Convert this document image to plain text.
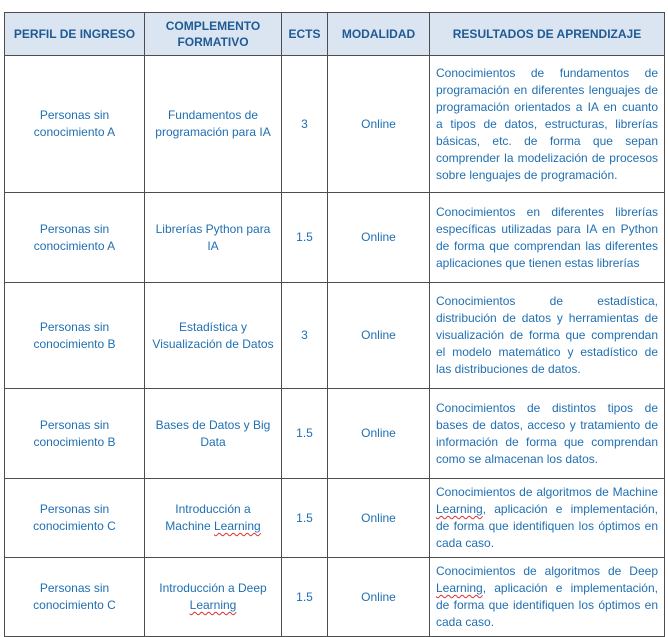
PERFIL DE INGRESO	COMPLEMENTO FORMATIVO	ECTS	MODALIDAD	RESULTADOS DE APRENDIZAJE
Personas sin conocimiento A	Fundamentos de programación para IA	3	Online	Conocimientos de fundamentos de programación en diferentes lenguajes de programación orientados a IA en cuanto a tipos de datos, estructuras, librerías básicas, etc. de forma que sepan comprender la modelización de procesos sobre lenguajes de programación.
Personas sin conocimiento A	Librerías Python para IA	1.5	Online	Conocimientos en diferentes librerías específicas utilizadas para IA en Python de forma que comprendan las diferentes aplicaciones que tienen estas librerías
Personas sin conocimiento B	Estadística y Visualización de Datos	3	Online	Conocimientos de estadística, distribución de datos y herramientas de visualización de forma que comprendan el modelo matemático y estadístico de las distribuciones de datos.
Personas sin conocimiento B	Bases de Datos y Big Data	1.5	Online	Conocimientos de distintos tipos de bases de datos, acceso y tratamiento de información de forma que comprendan como se almacenan los datos.
Personas sin conocimiento C	Introducción a Machine Learning	1.5	Online	Conocimientos de algoritmos de Machine Learning, aplicación e implementación, de forma que identifiquen los óptimos en cada caso.
Personas sin conocimiento C	Introducción a Deep Learning	1.5	Online	Conocimientos de algoritmos de Deep Learning, aplicación e implementación, de forma que identifiquen los óptimos en cada caso.
